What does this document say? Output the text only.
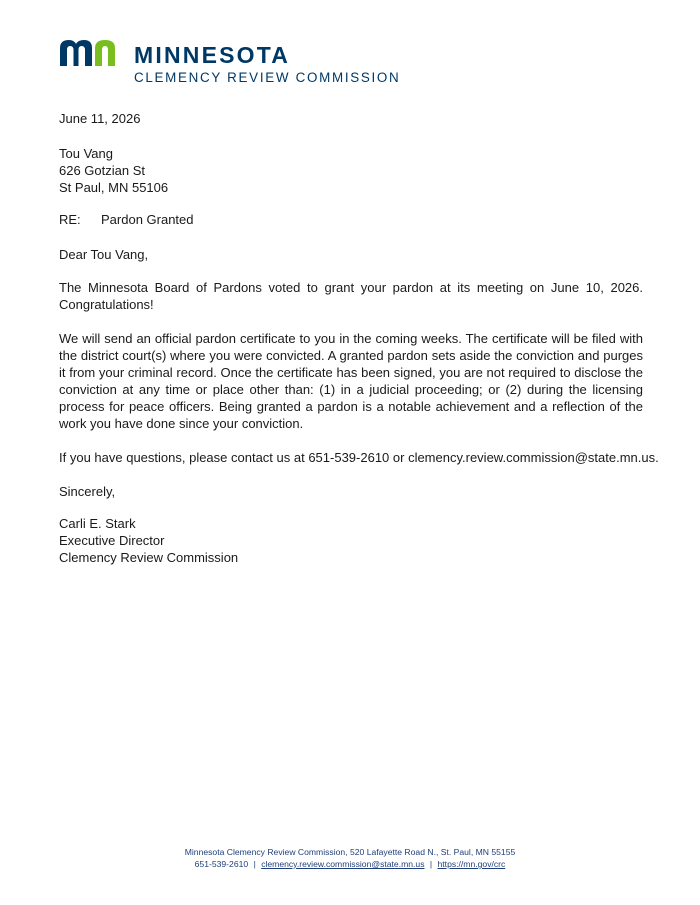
MINNESOTA
CLEMENCY REVIEW COMMISSION
June 11, 2026
Tou Vang
626 Gotzian St
St Paul, MN 55106
RE: Pardon Granted
Dear Tou Vang,
The Minnesota Board of Pardons voted to grant your pardon at its meeting on June 10, 2026. Congratulations!
We will send an official pardon certificate to you in the coming weeks. The certificate will be filed with the district court(s) where you were convicted. A granted pardon sets aside the conviction and purges it from your criminal record. Once the certificate has been signed, you are not required to disclose the conviction at any time or place other than: (1) in a judicial proceeding; or (2) during the licensing process for peace officers. Being granted a pardon is a notable achievement and a reflection of the work you have done since your conviction.
If you have questions, please contact us at 651-539-2610 or clemency.review.commission@state.mn.us.
Sincerely,
Carli E. Stark
Executive Director
Clemency Review Commission
Minnesota Clemency Review Commission, 520 Lafayette Road N., St. Paul, MN 55155
651-539-2610 | clemency.review.commission@state.mn.us | https://mn.gov/crc
